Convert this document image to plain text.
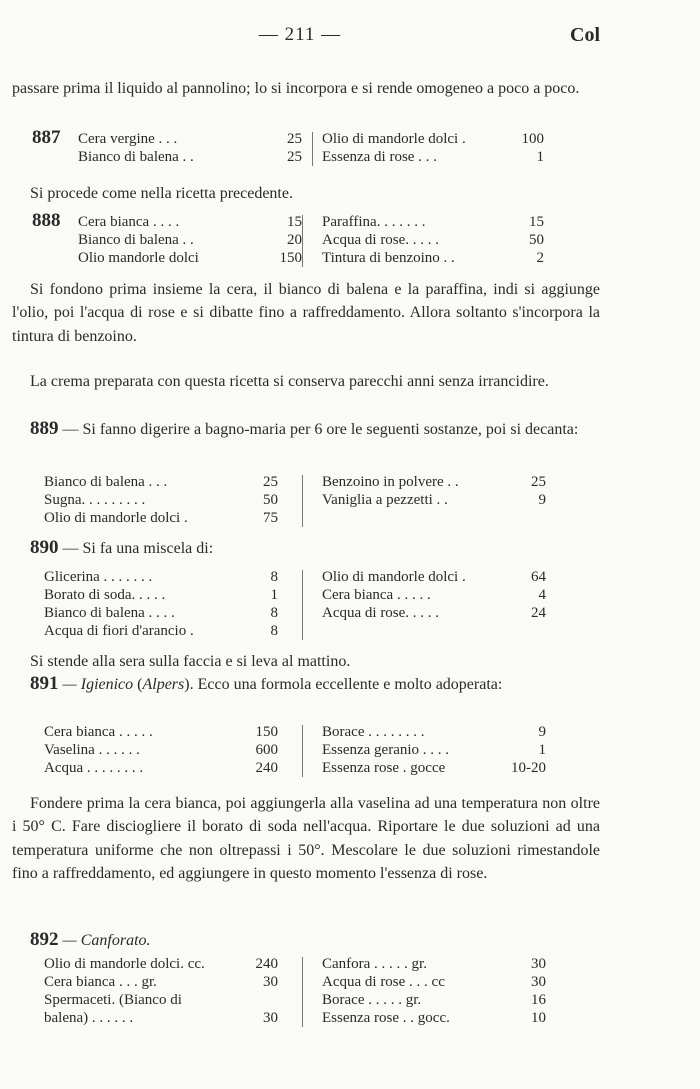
— 211 —	Col
passare prima il liquido al pannolino; lo si incorpora e si rende omogeneo a poco a poco.
887 Cera vergine . . .	25
Bianco di balena . .	25
Olio di mandorle dolci .	100
Essenza di rose . . .	1
Si procede come nella ricetta precedente.
888 Cera bianca . . . .	15
Bianco di balena . .	20
Olio mandorle dolci	150
Paraffina. . . . . . .	15
Acqua di rose. . . . .	50
Tintura di benzoino . .	2
Si fondono prima insieme la cera, il bianco di balena e la paraffina, indi si aggiunge l'olio, poi l'acqua di rose e si dibatte fino a raffreddamento. Allora soltanto s'incorpora la tintura di benzoino.
La crema preparata con questa ricetta si conserva parecchi anni senza irrancidire.
889 — Si fanno digerire a bagno-maria per 6 ore le seguenti sostanze, poi si decanta:
Bianco di balena . . .	25
Sugna. . . . . . . . .	50
Olio di mandorle dolci .	75
Benzoino in polvere . .	25
Vaniglia a pezzetti . .	9
890 — Si fa una miscela di:
Glicerina . . . . . . .	8
Borato di soda. . . . .	1
Bianco di balena . . . .	8
Acqua di fiori d'arancio .	8
Olio di mandorle dolci .	64
Cera bianca . . . . .	4
Acqua di rose. . . . .	24
Si stende alla sera sulla faccia e si leva al mattino.
891 — Igienico (Alpers). Ecco una formola eccellente e molto adoperata:
Cera bianca . . . . .	150
Vaselina . . . . . .	600
Acqua . . . . . . . .	240
Borace . . . . . . . .	9
Essenza geranio . . . .	1
Essenza rose . gocce	10-20
Fondere prima la cera bianca, poi aggiungerla alla vaselina ad una temperatura non oltre i 50° C. Fare disciogliere il borato di soda nell'acqua. Riportare le due soluzioni ad una temperatura uniforme che non oltrepassi i 50°. Mescolare le due soluzioni rimestandole fino a raffreddamento, ed aggiungere in questo momento l'essenza di rose.
892 — Canforato.
Olio di mandorle dolci. cc.	240
Cera bianca . . . gr.	30
Spermaceti. (Bianco di
balena) . . . . . .	30
Canfora . . . . . gr.	30
Acqua di rose . . . cc	30
Borace . . . . . gr.	16
Essenza rose . . gocc.	10
